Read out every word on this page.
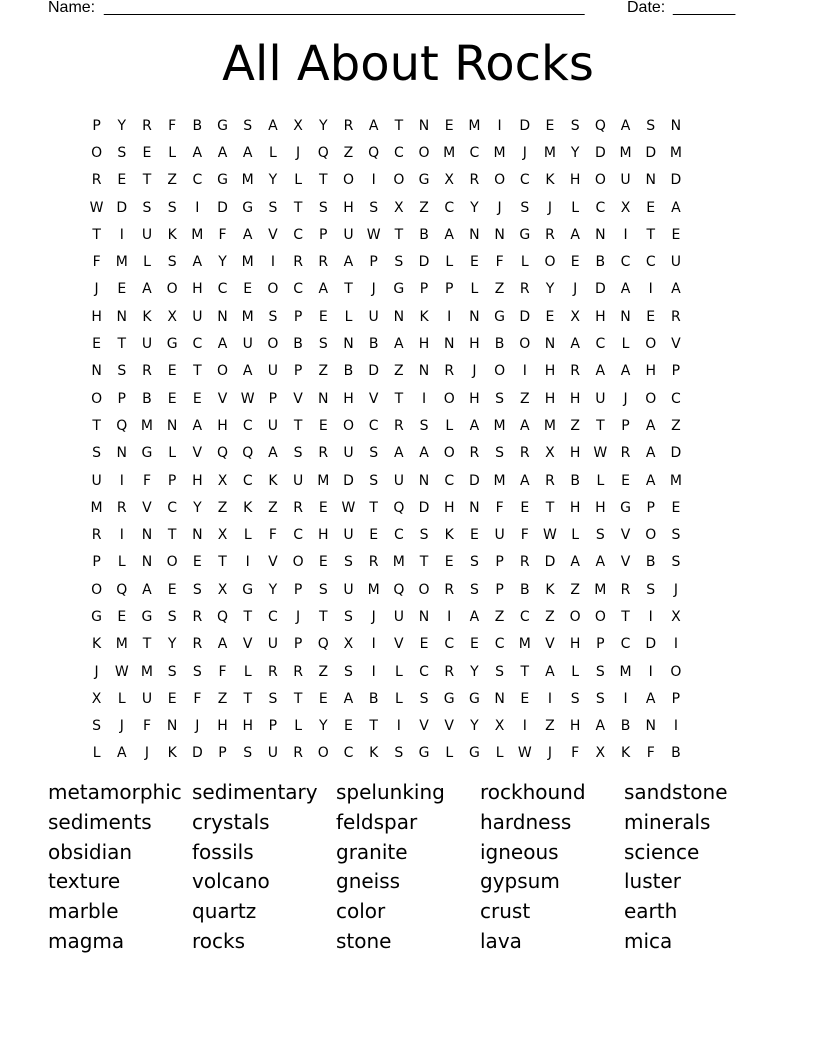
Name: ______________________________________________________	Date: _______
All About Rocks
P	Y	R	F	B	G	S	A	X	Y	R	A	T	N	E	M	I	D	E	S	Q	A	S	N
O	S	E	L	A	A	A	L	J	Q	Z	Q	C	O M	C	M	J	M	Y	D M D M
R	E	T	Z	C	G M	Y	L	T	O	I	O	G	X	R	O	C	K	H	O	U	N	D
W D	S	S	I	D	G	S	T	S	H	S	X	Z	C	Y	J	S	J	L	C	X	E	A
T	I	U	K	M	F	A	V	C	P	U W T	B	A	N	N	G	R	A	N	I	T	E
F	M	L	S	A	Y	M	I	R	R	A	P	S	D	L	E	F	L	O	E	B	C	C	U
J	E	A	O	H	C	E	O	C	A	T	J	G	P	P	L	Z	R	Y	J	D	A	I	A
H	N	K	X	U	N M	S	P	E	L	U	N	K	I	N	G	D	E	X	H	N	E	R
E	T	U	G	C	A	U	O	B	S	N	B	A	H	N	H	B	O	N	A	C	L	O	V
N	S	R	E	T	O	A	U	P	Z	B	D	Z	N	R	J	O	I	H	R	A	A	H	P
O	P	B	E	E	V W	P	V	N	H	V	T	I	O	H	S	Z	H	H	U	J	O	C
T	Q M N	A	H	C	U	T	E	O	C	R	S	L	A	M	A	M	Z	T	P	A	Z
S	N	G	L	V	Q	Q	A	S	R	U	S	A	A	O	R	S	R	X	H W R	A	D
U	I	F	P	H	X	C	K	U	M D	S	U	N	C	D M	A	R	B	L	E	A	M
M	R	V	C	Y	Z	K	Z	R	E W T	Q	D	H	N	F	E	T	H	H	G	P	E
R	I	N	T	N	X	L	F	C	H	U	E	C	S	K	E	U	F	W	L	S	V	O	S
P	L	N	O	E	T	I	V	O	E	S	R	M	T	E	S	P	R	D	A	A	V	B	S
O	Q	A	E	S	X	G	Y	P	S	U	M Q	O	R	S	P	B	K	Z	M	R	S	J
G	E	G	S	R	Q	T	C	J	T	S	J	U	N	I	A	Z	C	Z	O	O	T	I	X
K	M	T	Y	R	A	V	U	P	Q	X	I	V	E	C	E	C	M	V	H	P	C	D	I
J	W M	S	S	F	L	R	R	Z	S	I	L	C	R	Y	S	T	A	L	S	M	I	O
X	L	U	E	F	Z	T	S	T	E	A	B	L	S	G	G	N	E	I	S	S	I	A	P
S	J	F	N	J	H	H	P	L	Y	E	T	I	V	V	Y	X	I	Z	H	A	B	N	I
L	A	J	K	D	P	S	U	R	O	C	K	S	G	L	G	L	W	J	F	X	K	F	B
metamorphic sedimentary spelunking	rockhound	sandstone
sediments	crystals	feldspar	hardness	minerals
obsidian	fossils	granite	igneous	science
texture	volcano	gneiss	gypsum	luster
marble	quartz	color	crust	earth
magma	rocks	stone	lava	mica
